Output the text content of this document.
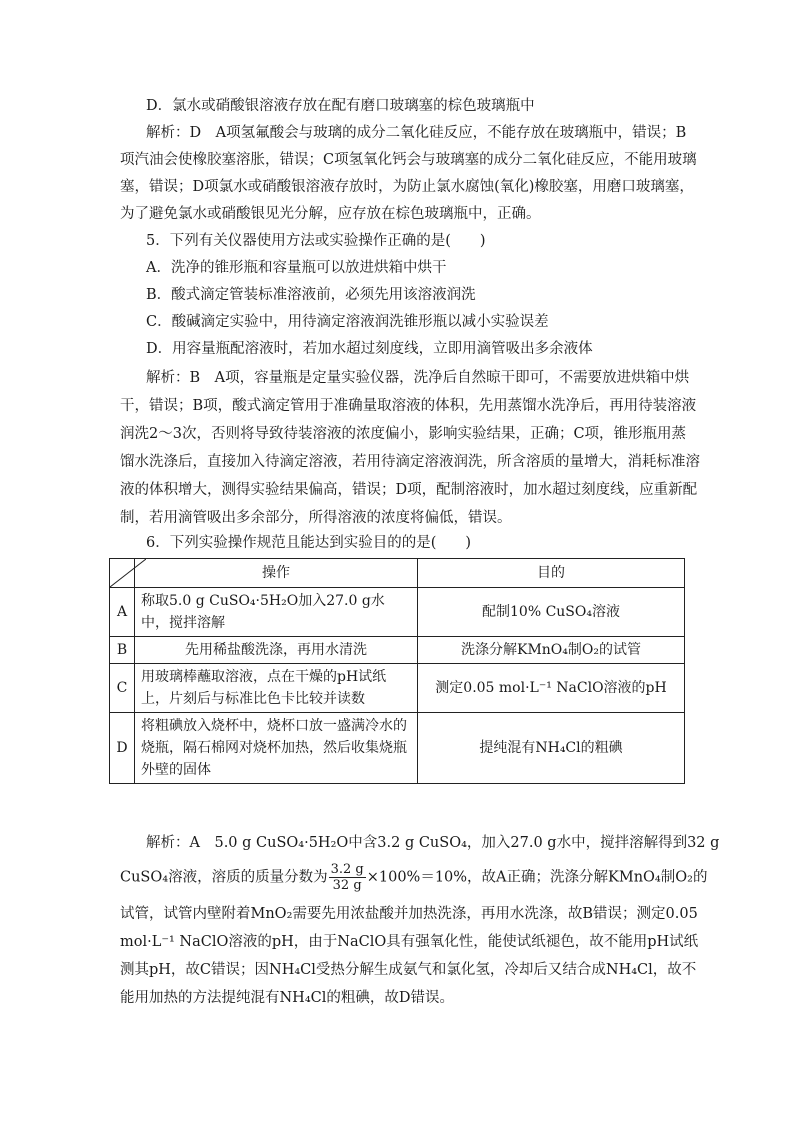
D．氯水或硝酸银溶液存放在配有磨口玻璃塞的棕色玻璃瓶中
解析：D　A项氢氟酸会与玻璃的成分二氧化硅反应，不能存放在玻璃瓶中，错误；B
项汽油会使橡胶塞溶胀，错误；C项氢氧化钙会与玻璃塞的成分二氧化硅反应，不能用玻璃
塞，错误；D项氯水或硝酸银溶液存放时，为防止氯水腐蚀(氧化)橡胶塞，用磨口玻璃塞，
为了避免氯水或硝酸银见光分解，应存放在棕色玻璃瓶中，正确。
5．下列有关仪器使用方法或实验操作正确的是(　　)
A．洗净的锥形瓶和容量瓶可以放进烘箱中烘干
B．酸式滴定管装标准溶液前，必须先用该溶液润洗
C．酸碱滴定实验中，用待滴定溶液润洗锥形瓶以减小实验误差
D．用容量瓶配溶液时，若加水超过刻度线，立即用滴管吸出多余液体
解析：B　A项，容量瓶是定量实验仪器，洗净后自然晾干即可，不需要放进烘箱中烘
干，错误；B项，酸式滴定管用于准确量取溶液的体积，先用蒸馏水洗净后，再用待装溶液
润洗2～3次，否则将导致待装溶液的浓度偏小，影响实验结果，正确；C项，锥形瓶用蒸
馏水洗涤后，直接加入待滴定溶液，若用待滴定溶液润洗，所含溶质的量增大，消耗标准溶
液的体积增大，测得实验结果偏高，错误；D项，配制溶液时，加水超过刻度线，应重新配
制，若用滴管吸出多余部分，所得溶液的浓度将偏低，错误。
6．下列实验操作规范且能达到实验目的的是(　　)
	操作	目的
A	称取5.0 g CuSO₄·5H₂O加入27.0 g水中，搅拌溶解	配制10% CuSO₄溶液
B	先用稀盐酸洗涤，再用水清洗	洗涤分解KMnO₄制O₂的试管
C	用玻璃棒蘸取溶液，点在干燥的pH试纸上，片刻后与标准比色卡比较并读数	测定0.05 mol·L⁻¹ NaClO溶液的pH
D	将粗碘放入烧杯中，烧杯口放一盛满冷水的烧瓶，隔石棉网对烧杯加热，然后收集烧瓶外壁的固体	提纯混有NH₄Cl的粗碘
解析：A　5.0 g CuSO₄·5H₂O中含3.2 g CuSO₄，加入27.0 g水中，搅拌溶解得到32 g
CuSO₄溶液，溶质的质量分数为 $\frac{3.2 g}{32 g} \times 100\%=10\%$，故A正确；洗涤分解KMnO₄制O₂的
试管，试管内壁附着MnO₂需要先用浓盐酸并加热洗涤，再用水洗涤，故B错误；测定0.05
mol·L⁻¹ NaClO溶液的pH，由于NaClO具有强氧化性，能使试纸褪色，故不能用pH试纸
测其pH，故C错误；因NH₄Cl受热分解生成氨气和氯化氢，冷却后又结合成NH₄Cl，故不
能用加热的方法提纯混有NH₄Cl的粗碘，故D错误。
